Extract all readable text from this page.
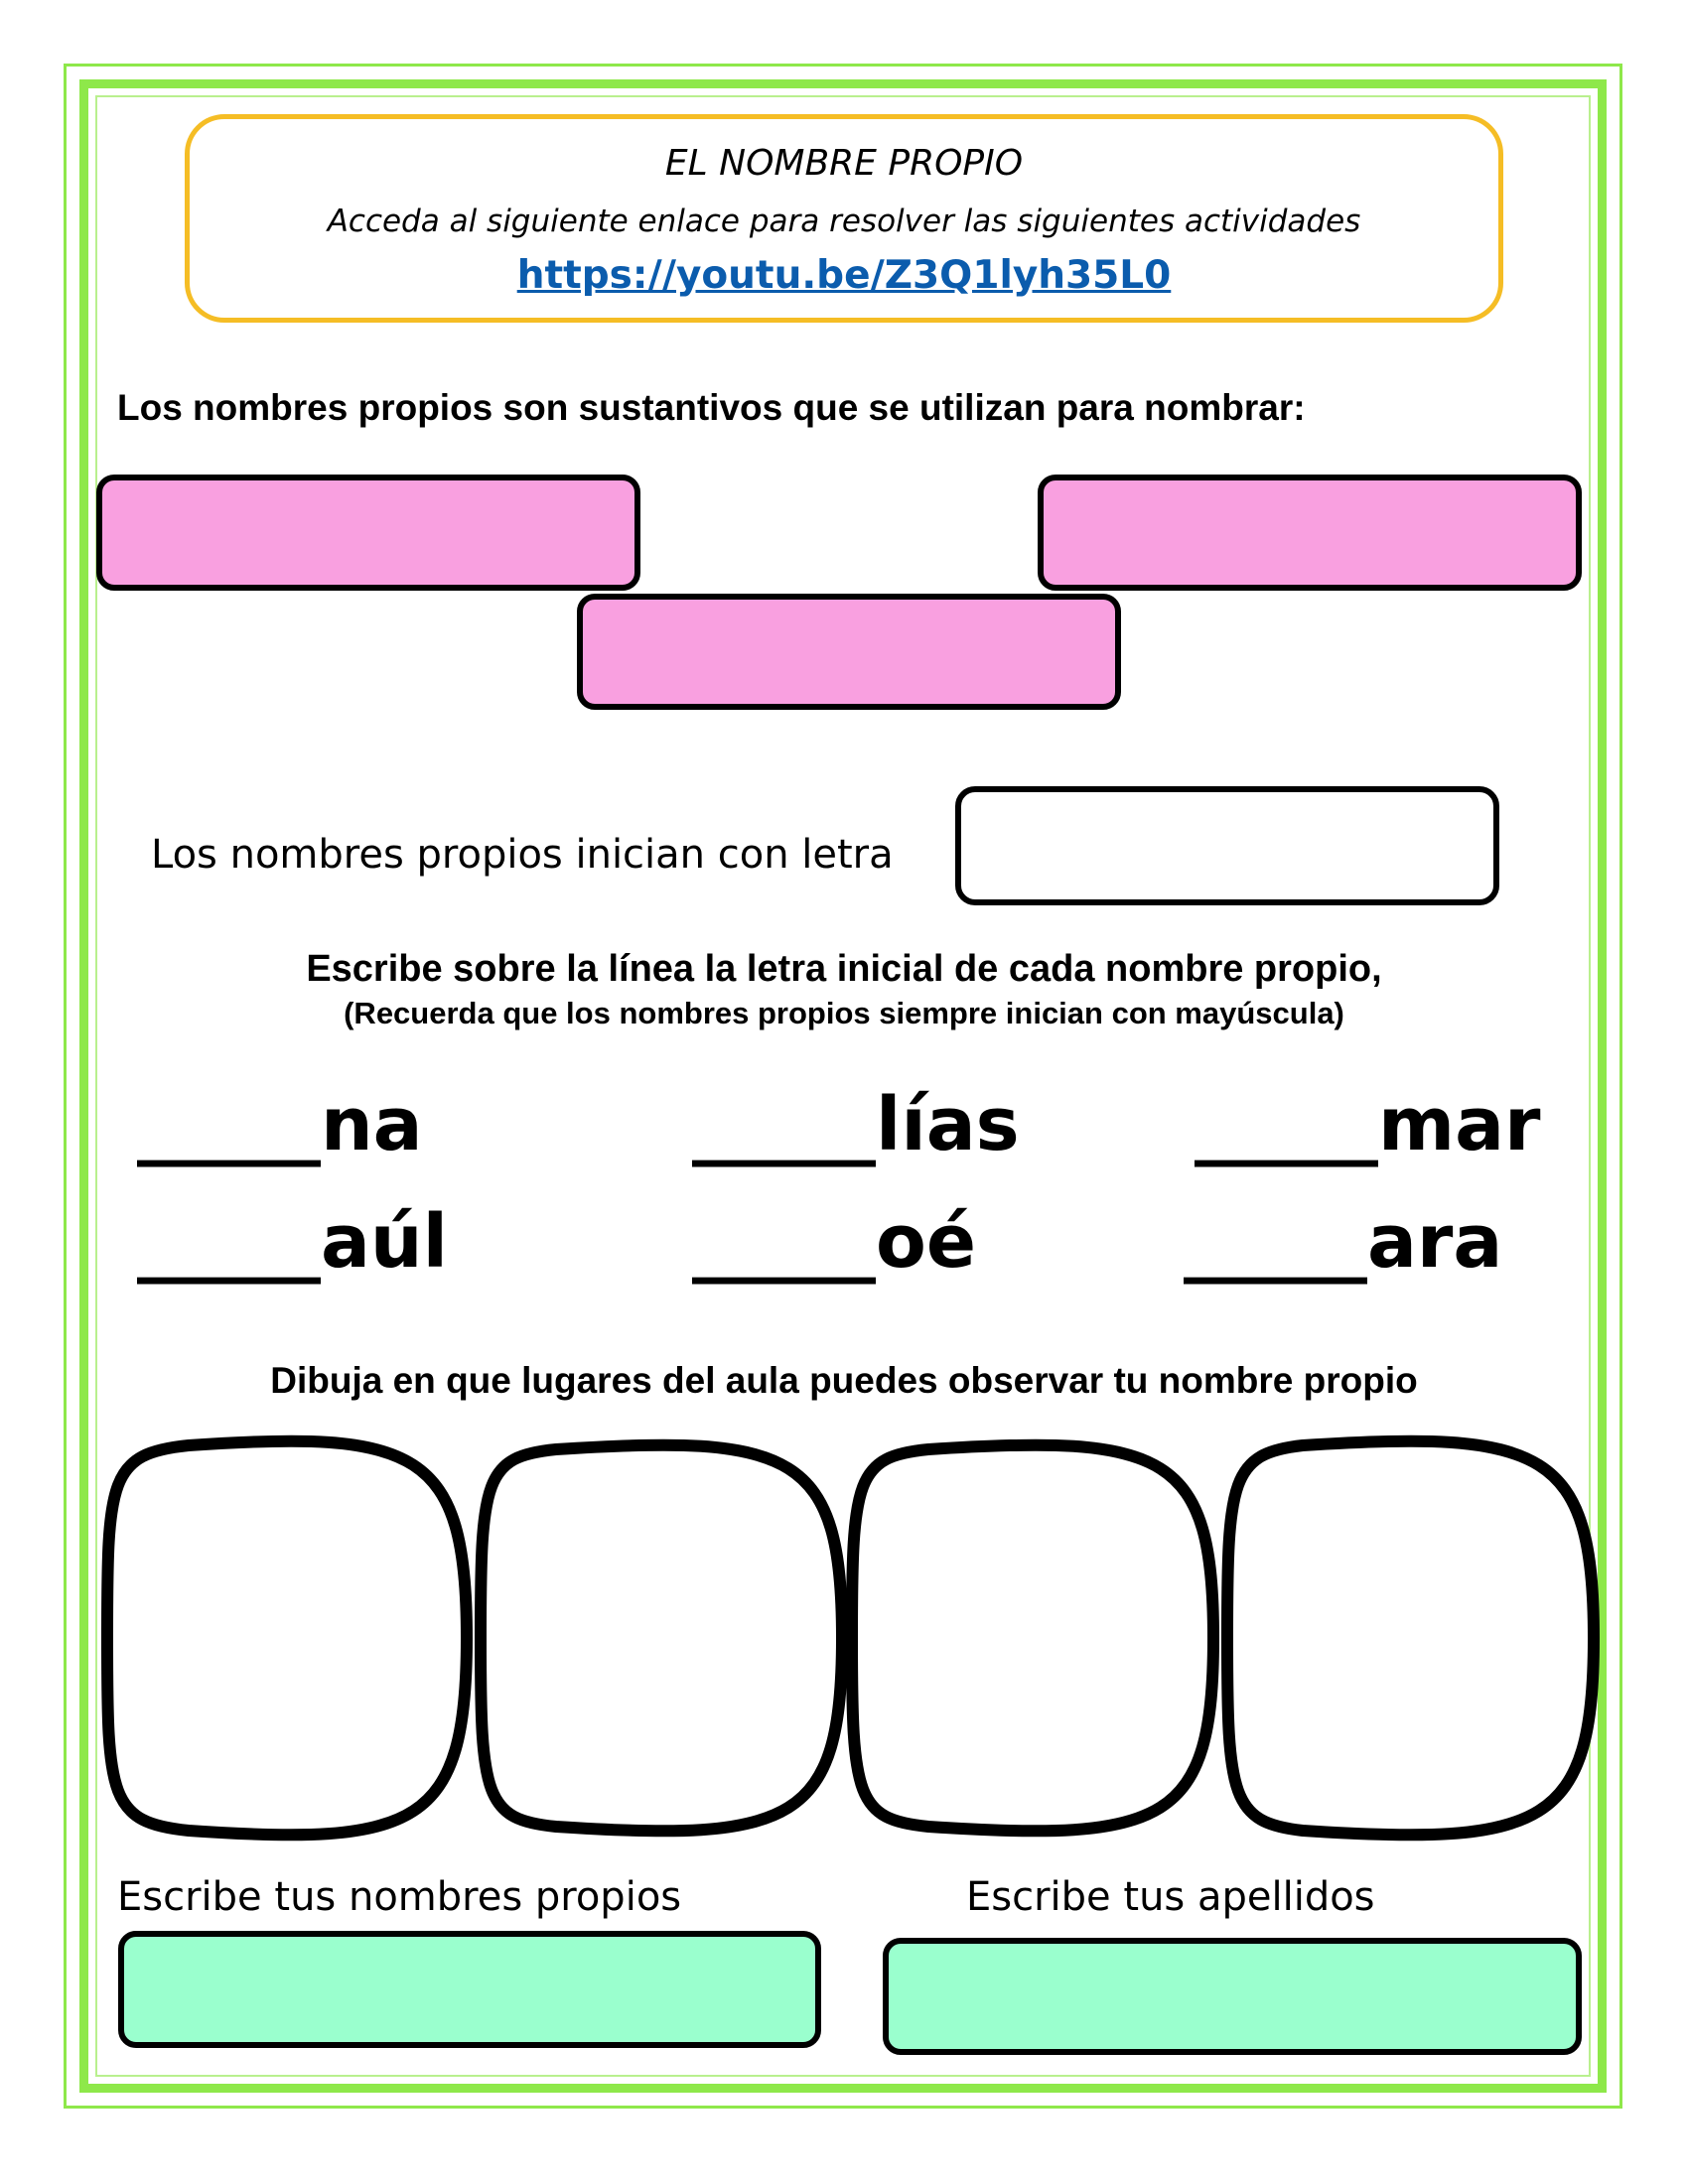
EL NOMBRE PROPIO
Acceda al siguiente enlace para resolver las siguientes actividades
https://youtu.be/Z3Q1lyh35L0
Los nombres propios son sustantivos que se utilizan para nombrar:
Los nombres propios inician con letra
Escribe sobre la línea la letra inicial de cada nombre propio,
(Recuerda que los nombres propios siempre inician con mayúscula)
_____na	_____lías _____mar
_____aúl	_____oé	_____ara
Dibuja en que lugares del aula puedes observar tu nombre propio
Escribe tus nombres propios	Escribe tus apellidos
